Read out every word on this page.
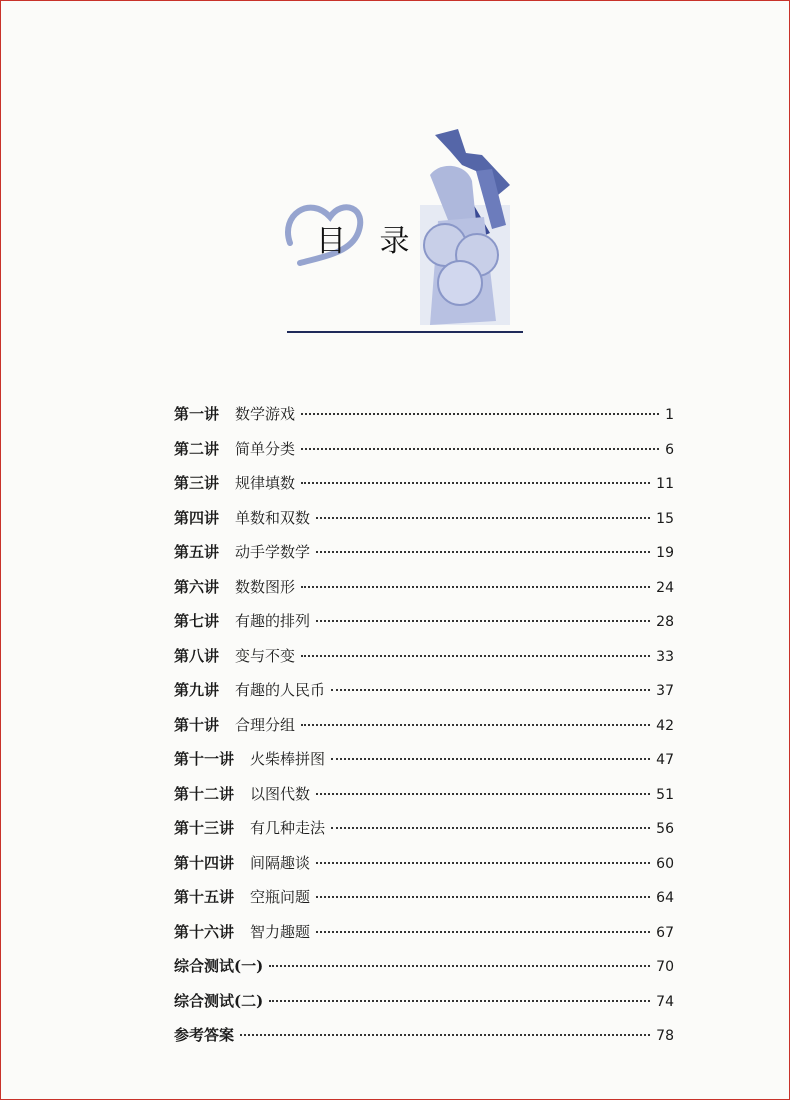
目 录
第一讲 数学游戏	1
第二讲 简单分类	6
第三讲 规律填数	11
第四讲 单数和双数	15
第五讲 动手学数学	19
第六讲 数数图形	24
第七讲 有趣的排列	28
第八讲 变与不变	33
第九讲 有趣的人民币	37
第十讲 合理分组	42
第十一讲 火柴棒拼图	47
第十二讲 以图代数	51
第十三讲 有几种走法	56
第十四讲 间隔趣谈	60
第十五讲 空瓶问题	64
第十六讲 智力趣题	67
综合测试(一)	70
综合测试(二)	74
参考答案	78
